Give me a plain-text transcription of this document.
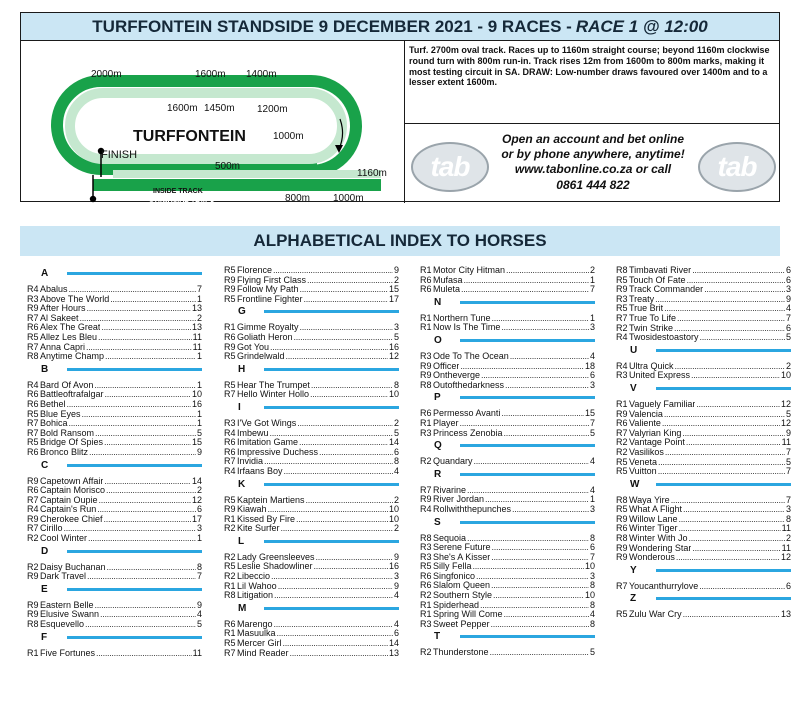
TURFFONTEIN STANDSIDE 9 DECEMBER 2021 - 9 RACES - RACE 1 @ 12:00
2000m	1600m 1400m
1600m 1450m 1200m
1000m
500m
1160m
800m 1000m
TURFFONTEIN
FINISH
INSIDE TRACK
STANDSIDE TRACK
Turf. 2700m oval track. Races up to 1160m straight course; beyond 1160m clockwise round turn with 800m run-in. Track rises 12m from 1600m to 800m marks, making it most testing circuit in SA. DRAW: Low-number draws favoured over 1400m and to a lesser extent 1600m.
tab
Open an account and bet online
or by phone anywhere, anytime!
www.tabonline.co.za or call
0861 444 822
tab
ALPHABETICAL INDEX TO HORSES
A
R4 Abalus .....	7
R3 Above The World .....	1
R9 After Hours .....	13
R7 Al Sakeet .....	2
R6 Alex The Great .....	13
R5 Allez Les Bleu .....	11
R7 Anna Capri .....	11
R8 Anytime Champ .....	1
B
R4 Bard Of Avon .....	1
R6 Battleoftrafalgar .....	10
R6 Bethel .....	16
R5 Blue Eyes .....	1
R7 Bohica .....	1
R7 Bold Ransom .....	5
R5 Bridge Of Spies .....	15
R6 Bronco Blitz .....	9
C
R9 Capetown Affair .....	14
R6 Captain Morisco .....	2
R7 Captain Oupie .....	12
R4 Captain's Run .....	6
R9 Cherokee Chief .....	17
R7 Cirillo .....	3
R2 Cool Winter .....	1
D
R2 Daisy Buchanan .....	8
R9 Dark Travel .....	7
E
R9 Eastern Belle .....	9
R9 Elusive Swann .....	4
R8 Esquevello .....	5
F
R1 Five Fortunes .....	11
R5 Florence .....	9
R9 Flying First Class .....	2
R9 Follow My Path .....	15
R5 Frontline Fighter .....	17
G
R1 Gimme Royalty .....	3
R6 Goliath Heron .....	5
R9 Got You .....	16
R5 Grindelwald .....	12
H
R5 Hear The Trumpet .....	8
R7 Hello Winter Hollo .....	10
I
R3 I'Ve Got Wings .....	2
R4 Imbewu .....	5
R6 Imitation Game .....	14
R6 Impressive Duchess .....	6
R7 Invidia .....	8
R4 Irfaans Boy .....	4
K
R5 Kaptein Martiens .....	2
R9 Kiawah .....	10
R1 Kissed By Fire .....	10
R2 Kite Surfer .....	2
L
R2 Lady Greensleeves .....	9
R5 Leslie Shadowliner .....	16
R2 Libeccio .....	3
R1 Lil Wahoo .....	9
R8 Litigation .....	4
M
R6 Marengo .....	4
R1 Masuulka .....	6
R5 Mercer Girl .....	14
R7 Mind Reader .....	13
R1 Motor City Hitman .....	2
R6 Mufasa .....	1
R6 Muleta .....	7
N
R1 Northern Tune .....	1
R1 Now Is The Time .....	3
O
R3 Ode To The Ocean .....	4
R9 Officer .....	18
R9 Ontheverge .....	6
R8 Outofthedarkness .....	3
P
R6 Permesso Avanti .....	15
R1 Player .....	7
R3 Princess Zenobia .....	5
Q
R2 Quandary .....	4
R
R7 Rivarine .....	4
R9 River Jordan .....	1
R4 Rollwiththepunches .....	3
S
R8 Sequoia .....	8
R3 Serene Future .....	6
R3 She's A Kisser .....	7
R5 Silly Fella .....	10
R6 Singfonico .....	3
R6 Slalom Queen .....	8
R2 Southern Style .....	10
R1 Spiderhead .....	8
R1 Spring Will Come .....	4
R3 Sweet Pepper .....	8
T
R2 Thunderstone .....	5
R8 Timbavati River .....	6
R5 Touch Of Fate .....	6
R9 Track Commander .....	3
R3 Treaty .....	9
R5 True Brit .....	4
R7 True To Life .....	7
R2 Twin Strike .....	6
R4 Twosidestoastory .....	5
U
R4 Ultra Quick .....	2
R3 United Express .....	10
V
R1 Vaguely Familiar .....	12
R9 Valencia .....	5
R6 Valiente .....	12
R7 Valyrian King .....	9
R2 Vantage Point .....	11
R2 Vasilikos .....	7
R5 Veneta .....	5
R5 Vuitton .....	7
W
R8 Waya Yire .....	7
R5 What A Flight .....	3
R9 Willow Lane .....	8
R6 Winter Tiger .....	11
R8 Winter With Jo .....	2
R9 Wondering Star .....	11
R9 Wonderous .....	12
Y
R7 Youcanthurrylove .....	6
Z
R5 Zulu War Cry .....	13
